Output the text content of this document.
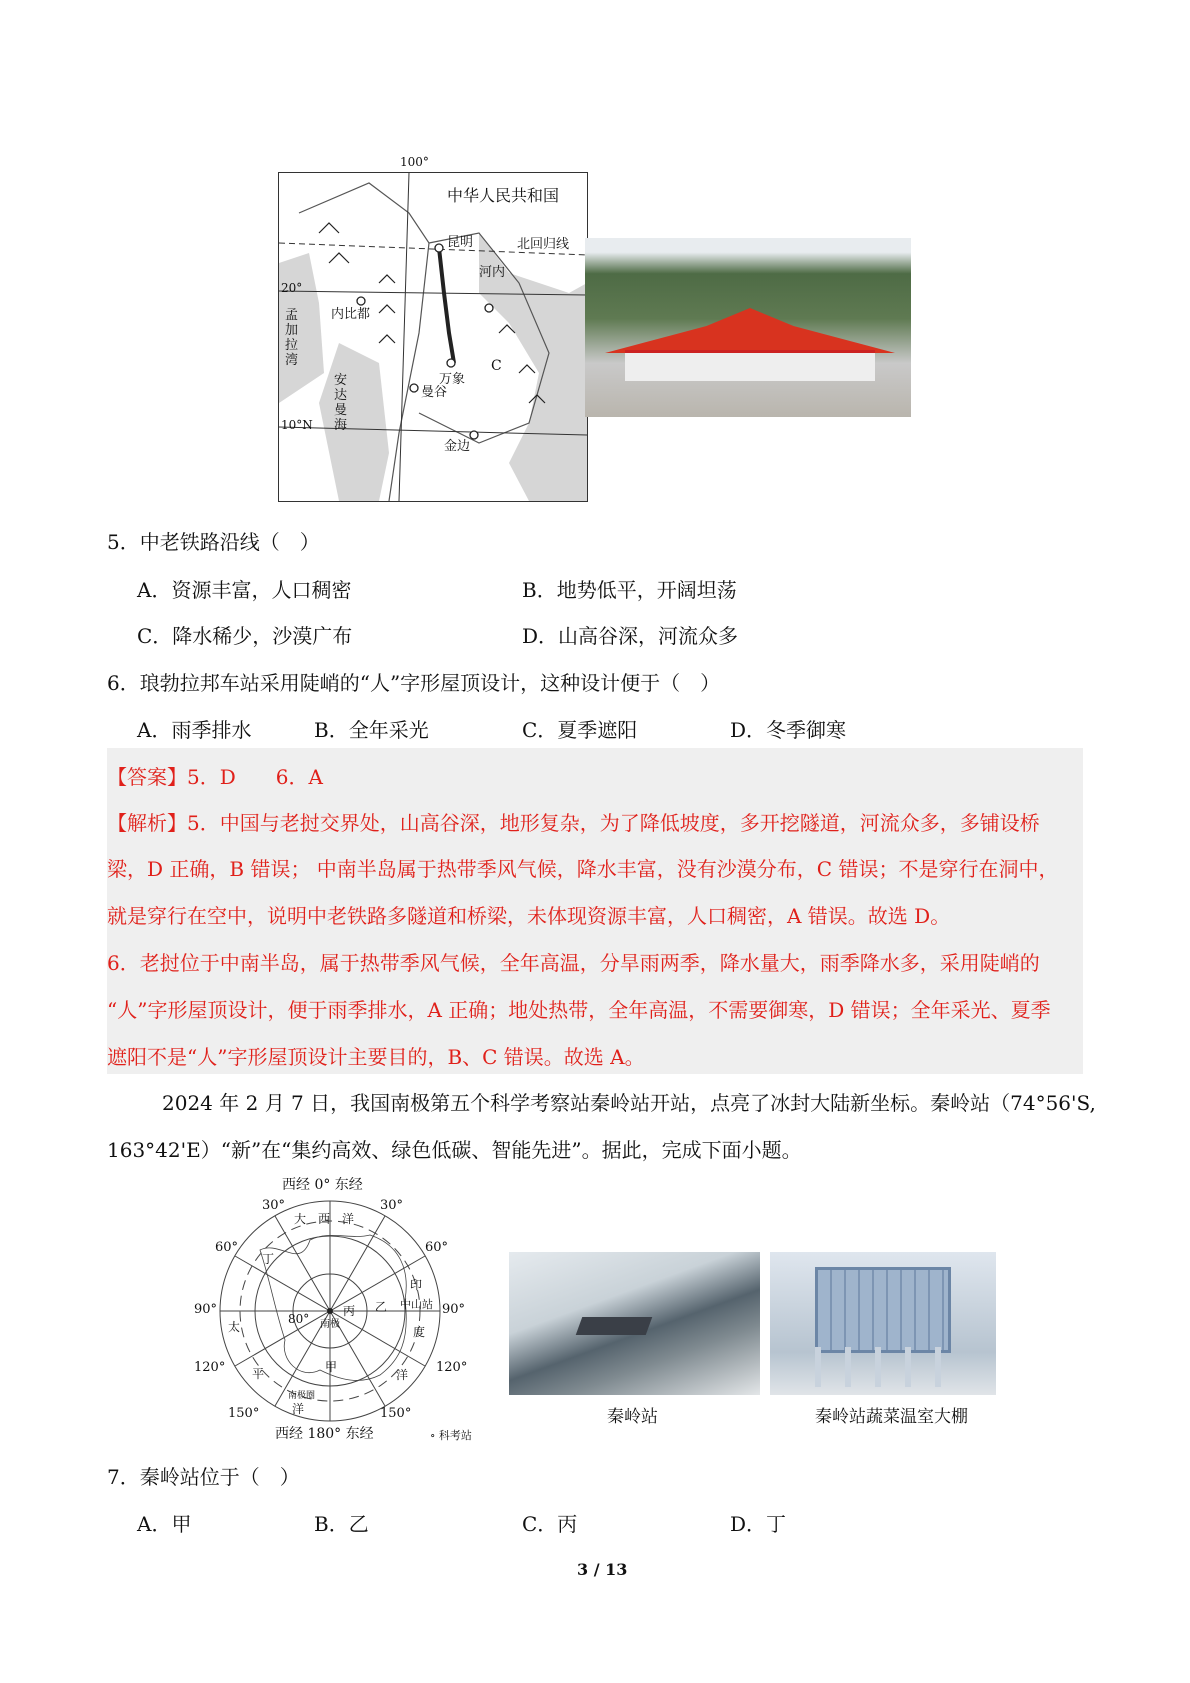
中华人民共和国
北回归线
昆明
河内
内比都
万象
曼谷
金边
孟加拉湾
安达曼海
20°
10°N
C
100°
5．中老铁路沿线（　）
A．资源丰富，人口稠密	B．地势低平，开阔坦荡
C．降水稀少，沙漠广布	D．山高谷深，河流众多
6．琅勃拉邦车站采用陡峭的“人”字形屋顶设计，这种设计便于（　）
A．雨季排水	B．全年采光	C．夏季遮阳	D．冬季御寒
【答案】5．D　　6．A
【解析】5．中国与老挝交界处，山高谷深，地形复杂，为了降低坡度，多开挖隧道，河流众多，多铺设桥
梁，D 正确，B 错误； 中南半岛属于热带季风气候，降水丰富，没有沙漠分布，C 错误；不是穿行在洞中，
就是穿行在空中，说明中老铁路多隧道和桥梁，未体现资源丰富，人口稠密，A 错误。故选 D。
6．老挝位于中南半岛，属于热带季风气候，全年高温，分旱雨两季，降水量大，雨季降水多，采用陡峭的
“人”字形屋顶设计，便于雨季排水，A 正确；地处热带，全年高温，不需要御寒，D 错误；全年采光、夏季
遮阳不是“人”字形屋顶设计主要目的，B、C 错误。故选 A。
2024 年 2 月 7 日，我国南极第五个科学考察站秦岭站开站，点亮了冰封大陆新坐标。秦岭站（74°56'S,
163°42'E）“新”在“集约高效、绿色低碳、智能先进”。据此，完成下面小题。
西经 0° 东经
西经 180° 东经
30°	30°
60°	60°
90°	90°
120°	120°
150°	150°
80°
大 西 洋
太
平
洋
印
度
洋
中山站
甲
乙
丙
丁
南极
南极圈
∘ 科考站
秦岭站	秦岭站蔬菜温室大棚
7．秦岭站位于（　）
A．甲	B．乙	C．丙	D．丁
3 / 13
